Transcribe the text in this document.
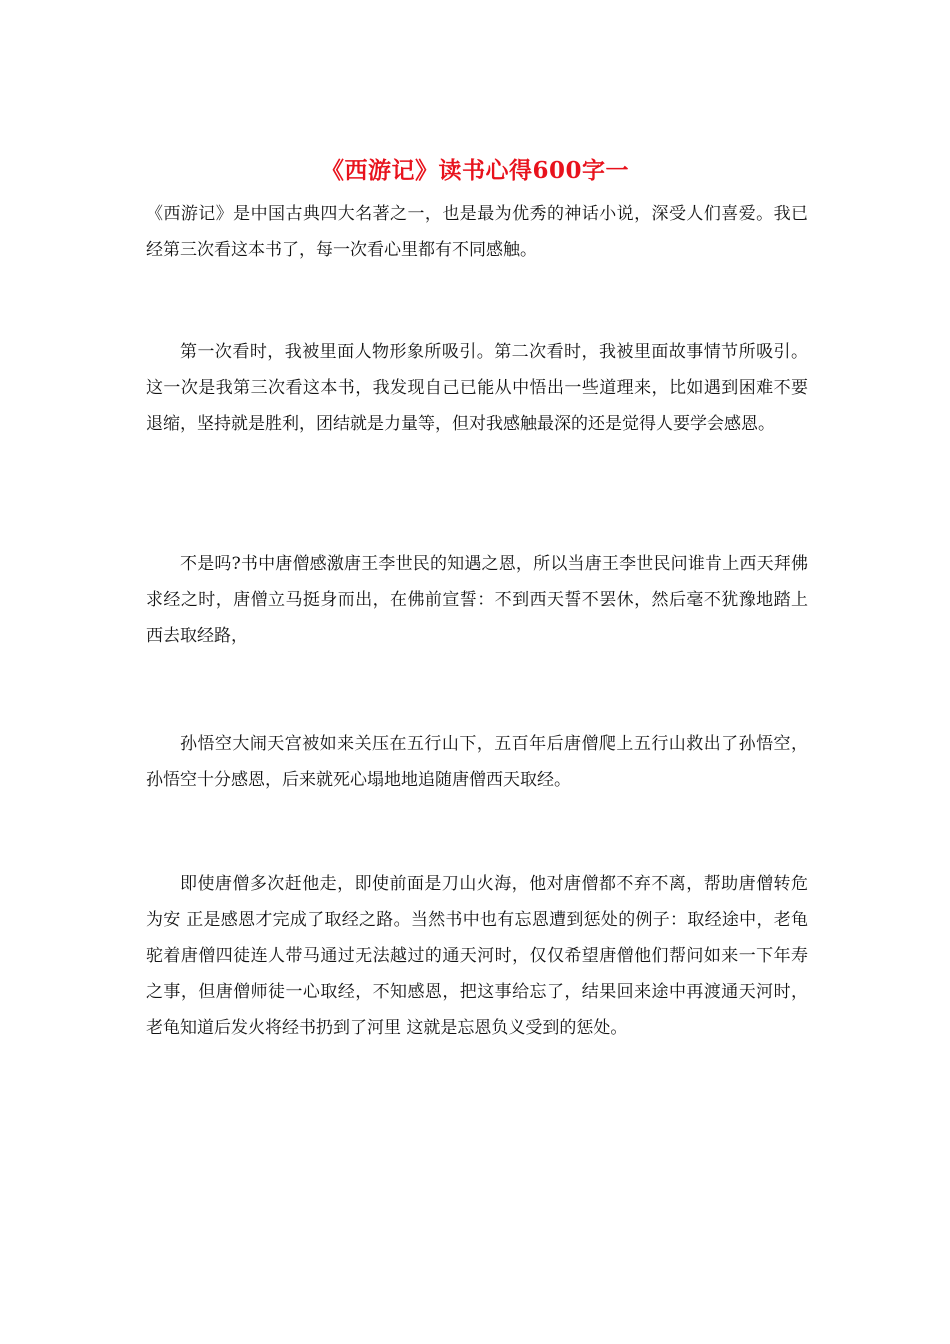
《西游记》读书心得600字一

《西游记》是中国古典四大名著之一，也是最为优秀的神话小说，深受人们喜爱。我已经第三次看这本书了，每一次看心里都有不同感触。

第一次看时，我被里面人物形象所吸引。第二次看时，我被里面故事情节所吸引。这一次是我第三次看这本书，我发现自己已能从中悟出一些道理来，比如遇到困难不要退缩，坚持就是胜利，团结就是力量等，但对我感触最深的还是觉得人要学会感恩。

不是吗?书中唐僧感激唐王李世民的知遇之恩，所以当唐王李世民问谁肯上西天拜佛求经之时，唐僧立马挺身而出，在佛前宣誓：不到西天誓不罢休，然后毫不犹豫地踏上西去取经路，

孙悟空大闹天宫被如来关压在五行山下，五百年后唐僧爬上五行山救出了孙悟空，孙悟空十分感恩，后来就死心塌地地追随唐僧西天取经。

即使唐僧多次赶他走，即使前面是刀山火海，他对唐僧都不弃不离，帮助唐僧转危为安 正是感恩才完成了取经之路。当然书中也有忘恩遭到惩处的例子：取经途中，老龟驼着唐僧四徒连人带马通过无法越过的通天河时，仅仅希望唐僧他们帮问如来一下年寿之事，但唐僧师徒一心取经，不知感恩，把这事给忘了，结果回来途中再渡通天河时，老龟知道后发火将经书扔到了河里 这就是忘恩负义受到的惩处。
